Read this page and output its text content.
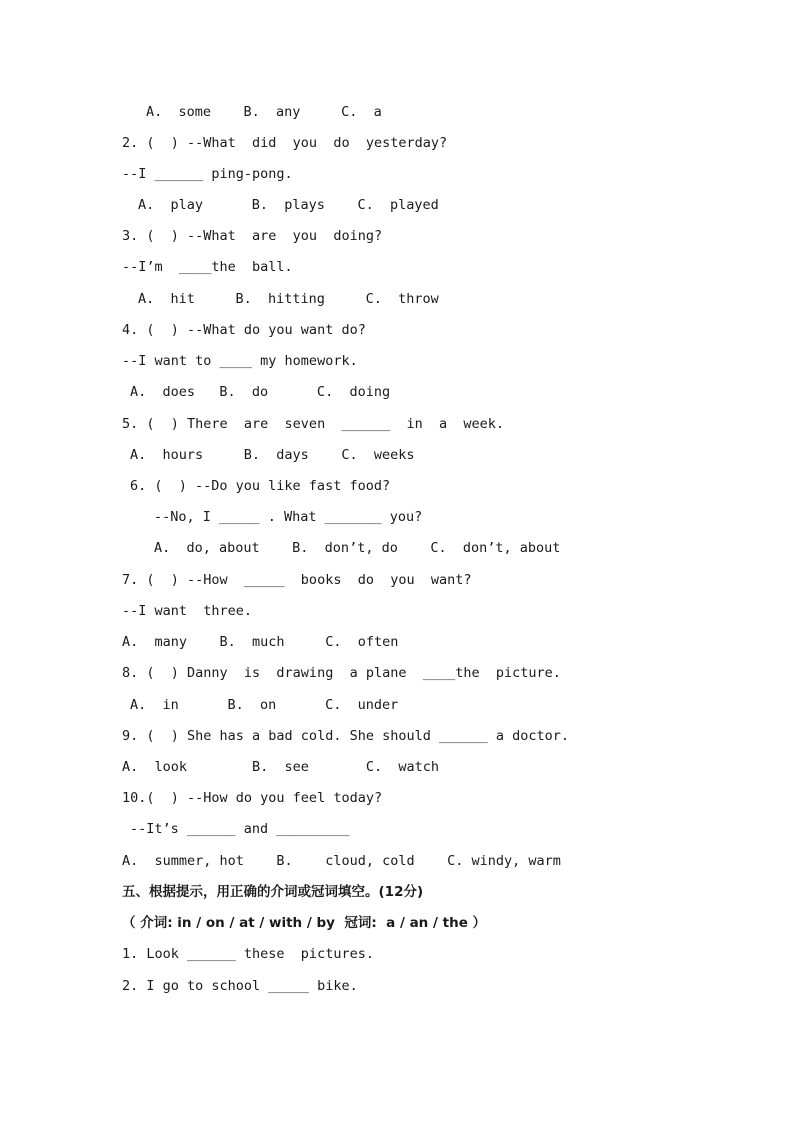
A.  some    B.  any     C.  a
2. (  ) --What  did  you  do  yesterday?
--I ______ ping-pong.
A.  play      B.  plays    C.  played
3. (  ) --What  are  you  doing?
--I’m  ____the  ball.
A.  hit     B.  hitting     C.  throw
4. (  ) --What do you want do?
--I want to ____ my homework.
A.  does   B.  do      C.  doing
5. (  ) There  are  seven  ______  in  a  week.
A.  hours     B.  days    C.  weeks
6. (  ) --Do you like fast food?
--No, I _____ . What _______ you?
A.  do, about    B.  don’t, do    C.  don’t, about
7. (  ) --How  _____  books  do  you  want?
--I want  three.
A.  many    B.  much     C.  often
8. (  ) Danny  is  drawing  a plane  ____the  picture.
A.  in      B.  on      C.  under
9. (  ) She has a bad cold. She should ______ a doctor.
A.  look        B.  see       C.  watch
10.(  ) --How do you feel today?
--It’s ______ and _________
A.  summer, hot    B.    cloud, cold    C. windy, warm
五、根据提示，用正确的介词或冠词填空。(12分)
（ 介词: in / on / at / with / by  冠词:  a / an / the ）
1. Look ______ these  pictures.
2. I go to school _____ bike.
